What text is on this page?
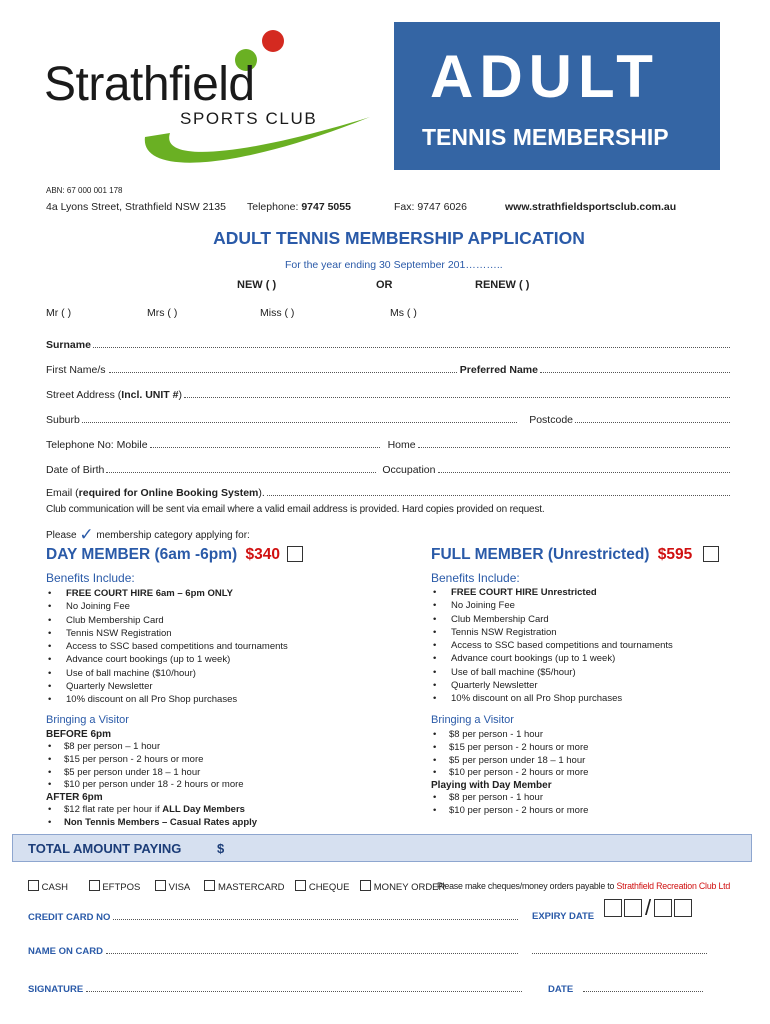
Strathfield
SPORTS CLUB
ADULT
TENNIS MEMBERSHIP
ABN: 67 000 001 178
4a Lyons Street, Strathfield NSW 2135 Telephone: 9747 5055	Fax: 9747 6026	www.strathfieldsportsclub.com.au
ADULT TENNIS MEMBERSHIP APPLICATION
For the year ending 30 September 201………..
NEW ( )	OR	RENEW ( )
Mr ( )	Mrs ( )	Miss ( )	Ms ( )
Surname
First Name/s	Preferred Name
Street Address (Incl. UNIT #)
Suburb	Postcode
Telephone No: Mobile	Home
Date of Birth	Occupation
Email (required for Online Booking System).
Club communication will be sent via email where a valid email address is provided. Hard copies provided on request.
Please ✓ membership category applying for:
DAY MEMBER (6am -6pm) $340
Benefits Include:
• FREE COURT HIRE 6am – 6pm ONLY
• No Joining Fee
• Club Membership Card
• Tennis NSW Registration
• Access to SSC based competitions and tournaments
• Advance court bookings (up to 1 week)
• Use of ball machine ($10/hour)
• Quarterly Newsletter
• 10% discount on all Pro Shop purchases
Bringing a Visitor
BEFORE 6pm
• $8 per person – 1 hour
• $15 per person - 2 hours or more
• $5 per person under 18 – 1 hour
• $10 per person under 18 - 2 hours or more
AFTER 6pm
• $12 flat rate per hour if ALL Day Members
• Non Tennis Members – Casual Rates apply
FULL MEMBER (Unrestricted) $595
Benefits Include:
• FREE COURT HIRE Unrestricted
• No Joining Fee
• Club Membership Card
• Tennis NSW Registration
• Access to SSC based competitions and tournaments
• Advance court bookings (up to 1 week)
• Use of ball machine ($5/hour)
• Quarterly Newsletter
• 10% discount on all Pro Shop purchases
Bringing a Visitor
• $8 per person - 1 hour
• $15 per person - 2 hours or more
• $5 per person under 18 – 1 hour
• $10 per person - 2 hours or more
Playing with Day Member
• $8 per person - 1 hour
• $10 per person - 2 hours or more
TOTAL AMOUNT PAYING	$
CASH	EFTPOS	VISA	MASTERCARD	CHEQUE	MONEY ORDER
Please make cheques/money orders payable to Strathfield Recreation Club Ltd
CREDIT CARD NO	EXPIRY DATE /
NAME ON CARD
SIGNATURE	DATE
